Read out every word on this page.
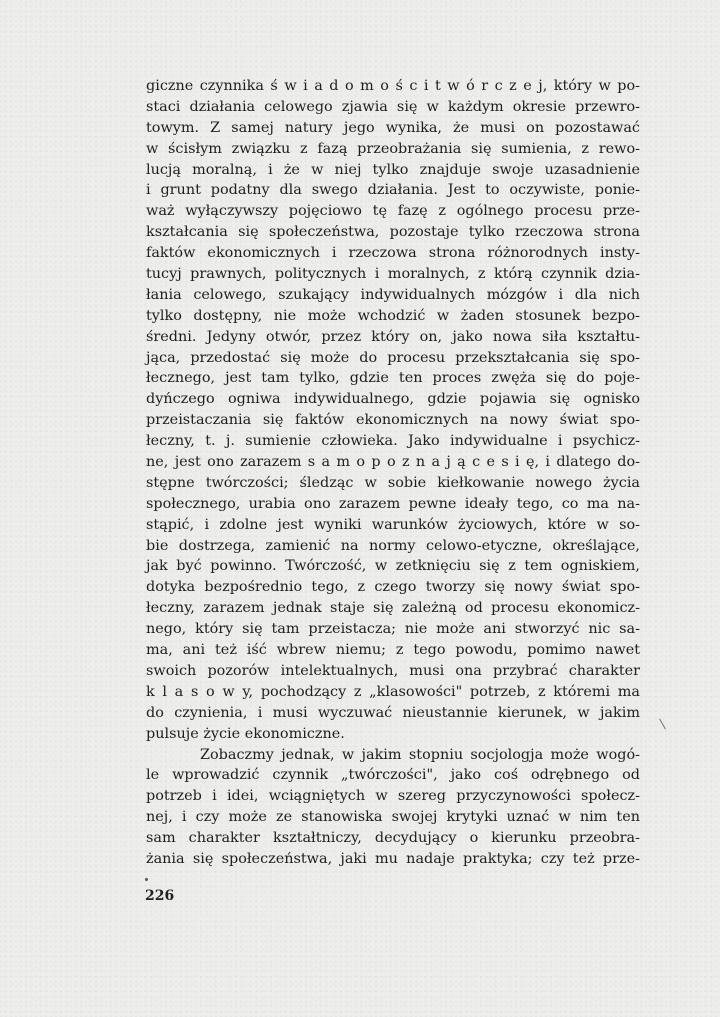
giczne czynnika ś w i a d o m o ś c i t w ó r c z e j, który w po-
staci działania celowego zjawia się w każdym okresie przewro-
towym. Z samej natury jego wynika, że musi on pozostawać
w ścisłym związku z fazą przeobrażania się sumienia, z rewo-
lucją moralną, i że w niej tylko znajduje swoje uzasadnienie
i grunt podatny dla swego działania. Jest to oczywiste, ponie-
waż wyłączywszy pojęciowo tę fazę z ogólnego procesu prze-
kształcania się społeczeństwa, pozostaje tylko rzeczowa strona
faktów ekonomicznych i rzeczowa strona różnorodnych insty-
tucyj prawnych, politycznych i moralnych, z którą czynnik dzia-
łania celowego, szukający indywidualnych mózgów i dla nich
tylko dostępny, nie może wchodzić w żaden stosunek bezpo-
średni. Jedyny otwór, przez który on, jako nowa siła kształtu-
jąca, przedostać się może do procesu przekształcania się spo-
łecznego, jest tam tylko, gdzie ten proces zwęża się do poje-
dyńczego ogniwa indywidualnego, gdzie pojawia się ognisko
przeistaczania się faktów ekonomicznych na nowy świat spo-
łeczny, t. j. sumienie człowieka. Jako indywidualne i psychicz-
ne, jest ono zarazem s a m o p o z n a j ą c e s i ę, i dlatego do-
stępne twórczości; śledząc w sobie kiełkowanie nowego życia
społecznego, urabia ono zarazem pewne ideały tego, co ma na-
stąpić, i zdolne jest wyniki warunków życiowych, które w so-
bie dostrzega, zamienić na normy celowo-etyczne, określające,
jak być powinno. Twórczość, w zetknięciu się z tem ogniskiem,
dotyka bezpośrednio tego, z czego tworzy się nowy świat spo-
łeczny, zarazem jednak staje się zależną od procesu ekonomicz-
nego, który się tam przeistacza; nie może ani stworzyć nic sa-
ma, ani też iść wbrew niemu; z tego powodu, pomimo nawet
swoich pozorów intelektualnych, musi ona przybrać charakter
k l a s o w y, pochodzący z „klasowości" potrzeb, z któremi ma
do czynienia, i musi wyczuwać nieustannie kierunek, w jakim
pulsuje życie ekonomiczne.
Zobaczmy jednak, w jakim stopniu socjologja może wogó-
le wprowadzić czynnik „twórczości", jako coś odrębnego od
potrzeb i idei, wciągniętych w szereg przyczynowości społecz-
nej, i czy może ze stanowiska swojej krytyki uznać w nim ten
sam charakter kształtniczy, decydujący o kierunku przeobra-
żania się społeczeństwa, jaki mu nadaje praktyka; czy też prze-
226
